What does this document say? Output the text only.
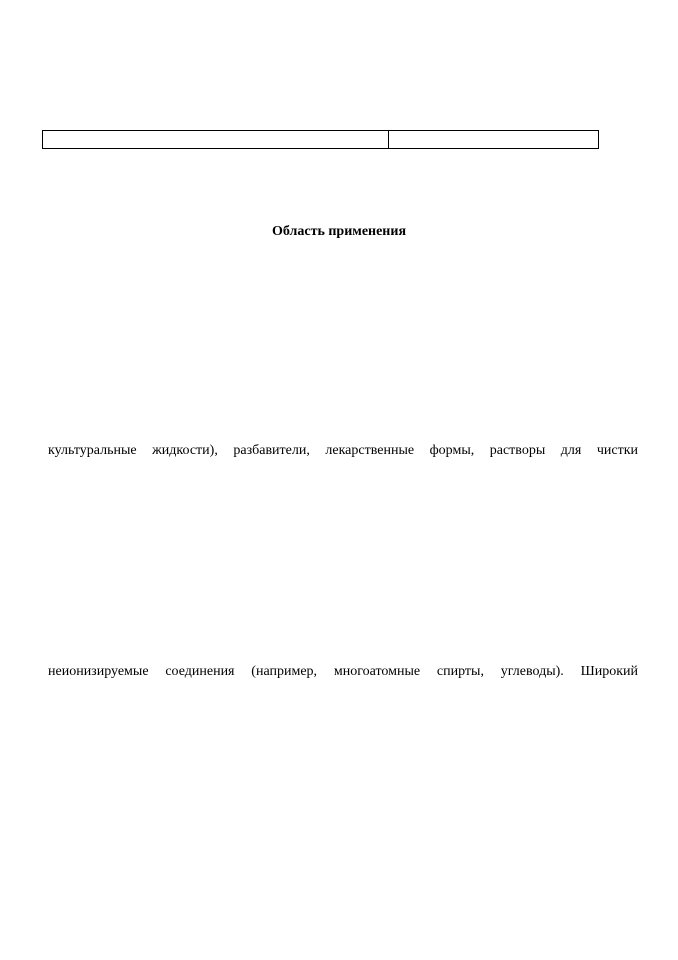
Область применения

культуральные жидкости), разбавители, лекарственные формы, растворы для чистки

неионизируемые соединения (например, многоатомные спирты, углеводы). Широкий
